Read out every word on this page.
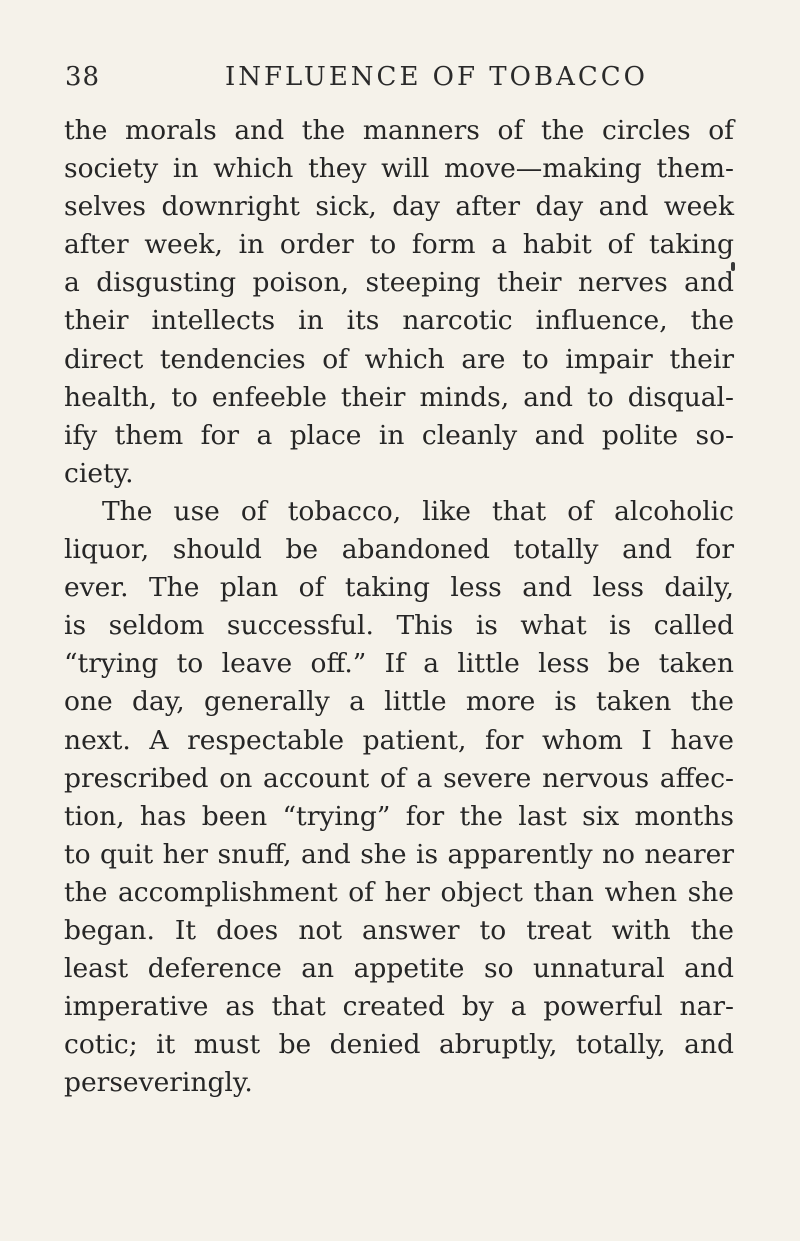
38	INFLUENCE OF TOBACCO
the morals and the manners of the circles of
society in which they will move—making them-
selves downright sick, day after day and week
after week, in order to form a habit of taking
a disgusting poison, steeping their nerves and
their intellects in its narcotic influence, the
direct tendencies of which are to impair their
health, to enfeeble their minds, and to disqual-
ify them for a place in cleanly and polite so-
ciety.
The use of tobacco, like that of alcoholic
liquor, should be abandoned totally and for
ever. The plan of taking less and less daily,
is seldom successful. This is what is called
“trying to leave off.” If a little less be taken
one day, generally a little more is taken the
next. A respectable patient, for whom I have
prescribed on account of a severe nervous affec-
tion, has been “trying” for the last six months
to quit her snuff, and she is apparently no nearer
the accomplishment of her object than when she
began. It does not answer to treat with the
least deference an appetite so unnatural and
imperative as that created by a powerful nar-
cotic; it must be denied abruptly, totally, and
perseveringly.
